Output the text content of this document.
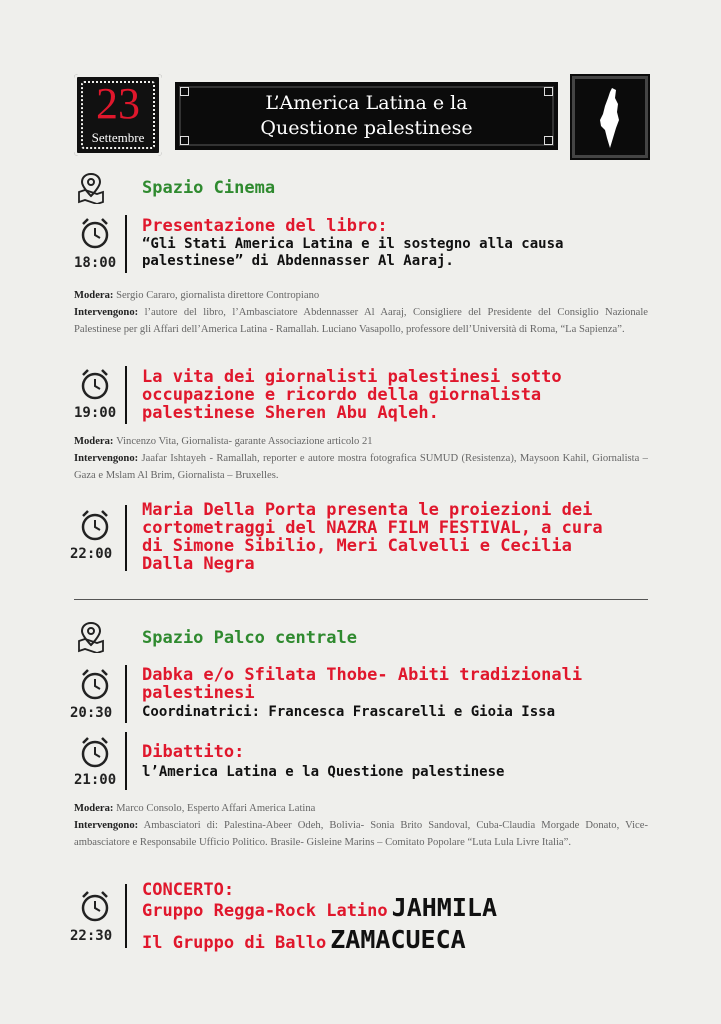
23
Settembre
L’America Latina e la
Questione palestinese
Spazio Cinema
18:00
Presentazione del libro:
“Gli Stati America Latina e il sostegno alla causa
palestinese” di Abdennasser Al Aaraj.
Modera: Sergio Cararo, giornalista direttore Contropiano
Intervengono: l’autore del libro, l’Ambasciatore Abdennasser Al Aaraj, Consigliere del Presidente del Consiglio Nazionale Palestinese per gli Affari dell’America Latina - Ramallah. Luciano Vasapollo, professore dell’Università di Roma, “La Sapienza”.
19:00
La vita dei giornalisti palestinesi sotto
occupazione e ricordo della giornalista
palestinese Sheren Abu Aqleh.
Modera: Vincenzo Vita, Giornalista- garante Associazione articolo 21
Intervengono: Jaafar Ishtayeh - Ramallah, reporter e autore mostra fotografica SUMUD (Resistenza), Maysoon Kahil, Giornalista – Gaza e Mslam Al Brim, Giornalista – Bruxelles.
22:00
Maria Della Porta presenta le proiezioni dei
cortometraggi del NAZRA FILM FESTIVAL, a cura
di Simone Sibilio, Meri Calvelli e Cecilia
Dalla Negra
Spazio Palco centrale
20:30
Dabka e/o Sfilata Thobe- Abiti tradizionali
palestinesi
Coordinatrici: Francesca Frascarelli e Gioia Issa
21:00
Dibattito:
l’America Latina e la Questione palestinese
Modera: Marco Consolo, Esperto Affari America Latina
Intervengono: Ambasciatori di: Palestina-Abeer Odeh, Bolivia- Sonia Brito Sandoval, Cuba-Claudia Morgade Donato, Vice-ambasciatore e Responsabile Ufficio Politico. Brasile- Gisleine Marins – Comitato Popolare “Luta Lula Livre Italia”.
22:30
CONCERTO:
Gruppo Regga-Rock Latino JAHMILA
Il Gruppo di Ballo ZAMACUECA
